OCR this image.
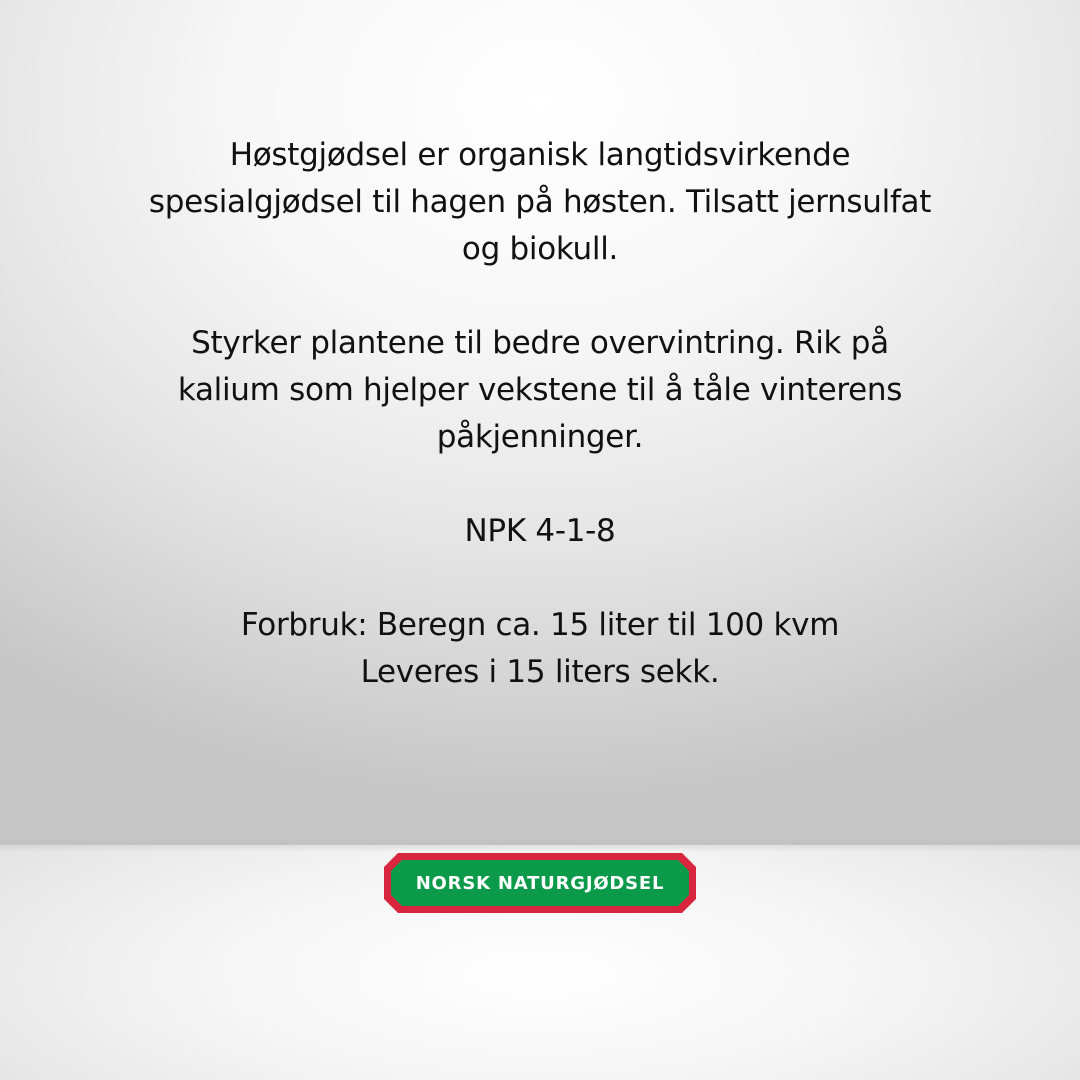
Høstgjødsel er organisk langtidsvirkende
spesialgjødsel til hagen på høsten. Tilsatt jernsulfat
og biokull.

Styrker plantene til bedre overvintring. Rik på
kalium som hjelper vekstene til å tåle vinterens
påkjenninger.

NPK 4-1-8

Forbruk: Beregn ca. 15 liter til 100 kvm
Leveres i 15 liters sekk.

NORSK NATURGJØDSEL
